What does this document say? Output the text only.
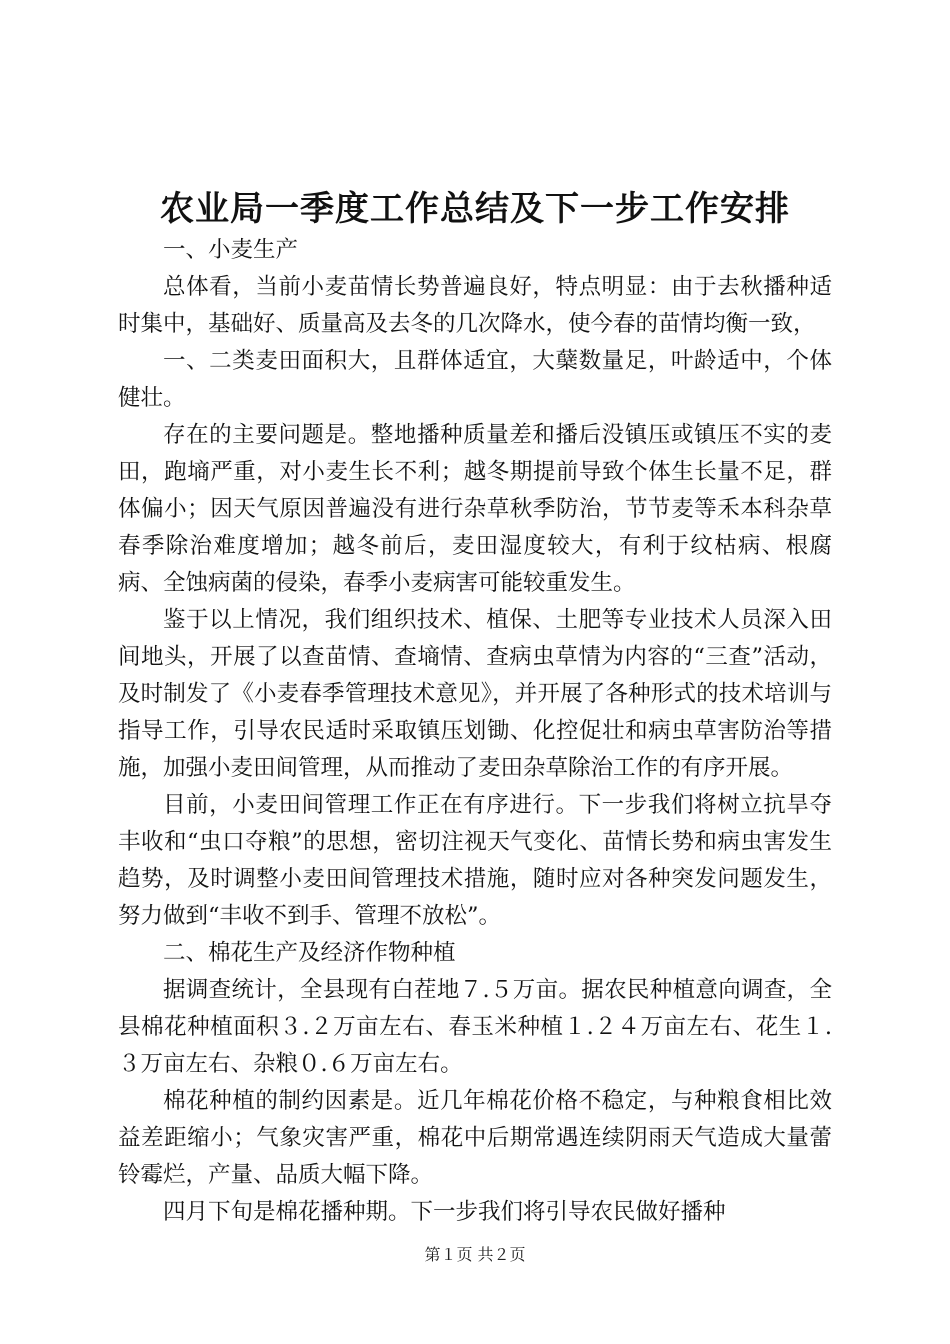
农业局一季度工作总结及下一步工作安排

一、小麦生产

总体看，当前小麦苗情长势普遍良好，特点明显：由于去秋播种适时集中，基础好、质量高及去冬的几次降水，使今春的苗情均衡一致，

一、二类麦田面积大，且群体适宜，大蘖数量足，叶龄适中，个体健壮。

存在的主要问题是。整地播种质量差和播后没镇压或镇压不实的麦田，跑墒严重，对小麦生长不利；越冬期提前导致个体生长量不足，群体偏小；因天气原因普遍没有进行杂草秋季防治，节节麦等禾本科杂草春季除治难度增加；越冬前后，麦田湿度较大，有利于纹枯病、根腐病、全蚀病菌的侵染，春季小麦病害可能较重发生。

鉴于以上情况，我们组织技术、植保、土肥等专业技术人员深入田间地头，开展了以查苗情、查墒情、查病虫草情为内容的“三查”活动，及时制发了《小麦春季管理技术意见》，并开展了各种形式的技术培训与指导工作，引导农民适时采取镇压划锄、化控促壮和病虫草害防治等措施，加强小麦田间管理，从而推动了麦田杂草除治工作的有序开展。

目前，小麦田间管理工作正在有序进行。下一步我们将树立抗旱夺丰收和“虫口夺粮”的思想，密切注视天气变化、苗情长势和病虫害发生趋势，及时调整小麦田间管理技术措施，随时应对各种突发问题发生，努力做到“丰收不到手、管理不放松”。

二、棉花生产及经济作物种植

据调查统计，全县现有白茬地７.５万亩。据农民种植意向调查，全县棉花种植面积３.２万亩左右、春玉米种植１.２４万亩左右、花生１.３万亩左右、杂粮０.６万亩左右。

棉花种植的制约因素是。近几年棉花价格不稳定，与种粮食相比效益差距缩小；气象灾害严重，棉花中后期常遇连续阴雨天气造成大量蕾铃霉烂，产量、品质大幅下降。

四月下旬是棉花播种期。下一步我们将引导农民做好播种

第１页 共２页
